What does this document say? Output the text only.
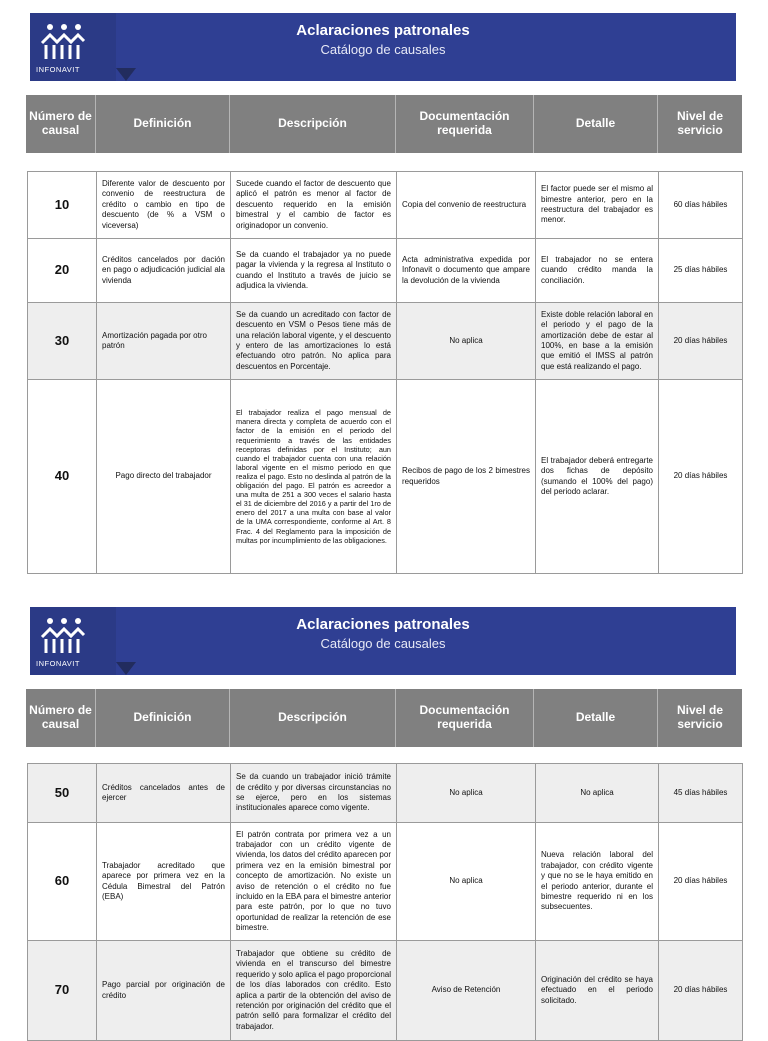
INFONAVIT
Aclaraciones patronales
Catálogo de causales
Número de causal	Definición	Descripción	Documentación requerida	Detalle	Nivel de servicio
10	Diferente valor de descuento por convenio de reestructura de crédito o cambio en tipo de descuento (de % a VSM o viceversa)	Sucede cuando el factor de descuento que aplicó el patrón es menor al factor de descuento requerido en la emisión bimestral y el cambio de factor es originadopor un convenio.	Copia del convenio de reestructura	El factor puede ser el mismo al bimestre anterior, pero en la reestructura del trabajador es menor.	60 días hábiles
20	Créditos cancelados por dación en pago o adjudicación judicial ala vivienda	Se da cuando el trabajador ya no puede pagar la vivienda y la regresa al Instituto o cuando el Instituto a través de juicio se adjudica la vivienda.	Acta administrativa expedida por Infonavit o documento que ampare la devolución de la vivienda	El trabajador no se entera cuando crédito manda la conciliación.	25 días hábiles
30	Amortización pagada por otro patrón	Se da cuando un acreditado con factor de descuento en VSM o Pesos tiene más de una relación laboral vigente, y el descuento y entero de las amortizaciones lo está efectuando otro patrón. No aplica para descuentos en Porcentaje.	No aplica	Existe doble relación laboral en el periodo y el pago de la amortización debe de estar al 100%, en base a la emisión que emitió el IMSS al patrón que está realizando el pago.	20 días hábiles
40	Pago directo del trabajador	El trabajador realiza el pago mensual de manera directa y completa de acuerdo con el factor de la emisión en el periodo del requerimiento a través de las entidades receptoras definidas por el Instituto; aun cuando el trabajador cuenta con una relación laboral vigente en el mismo periodo en que realiza el pago. Esto no deslinda al patrón de la obligación del pago. El patrón es acreedor a una multa de 251 a 300 veces el salario hasta el 31 de diciembre del 2016 y a partir del 1ro de enero del 2017 a una multa con base al valor de la UMA correspondiente, conforme al Art. 8 Frac. 4 del Reglamento para la imposición de multas por incumplimiento de las obligaciones.	Recibos de pago de los 2 bimestres requeridos	El trabajador deberá entregarte dos fichas de depósito (sumando el 100% del pago) del periodo aclarar.	20 días hábiles
INFONAVIT
Aclaraciones patronales
Catálogo de causales
Número de causal	Definición	Descripción	Documentación requerida	Detalle	Nivel de servicio
50	Créditos cancelados antes de ejercer	Se da cuando un trabajador inició trámite de crédito y por diversas circunstancias no se ejerce, pero en los sistemas institucionales aparece como vigente.	No aplica	No aplica	45 días hábiles
60	Trabajador acreditado que aparece por primera vez en la Cédula Bimestral del Patrón (EBA)	El patrón contrata por primera vez a un trabajador con un crédito vigente de vivienda, los datos del crédito aparecen por primera vez en la emisión bimestral por concepto de amortización. No existe un aviso de retención o el crédito no fue incluido en la EBA para el bimestre anterior para este patrón, por lo que no tuvo oportunidad de realizar la retención de ese bimestre.	No aplica	Nueva relación laboral del trabajador, con crédito vigente y que no se le haya emitido en el periodo anterior, durante el bimestre requerido ni en los subsecuentes.	20 días hábiles
70	Pago parcial por originación de crédito	Trabajador que obtiene su crédito de vivienda en el transcurso del bimestre requerido y solo aplica el pago proporcional de los días laborados con crédito. Esto aplica a partir de la obtención del aviso de retención por originación del crédito que el patrón selló para formalizar el crédito del trabajador.	Aviso de Retención	Originación del crédito se haya efectuado en el periodo solicitado.	20 días hábiles
